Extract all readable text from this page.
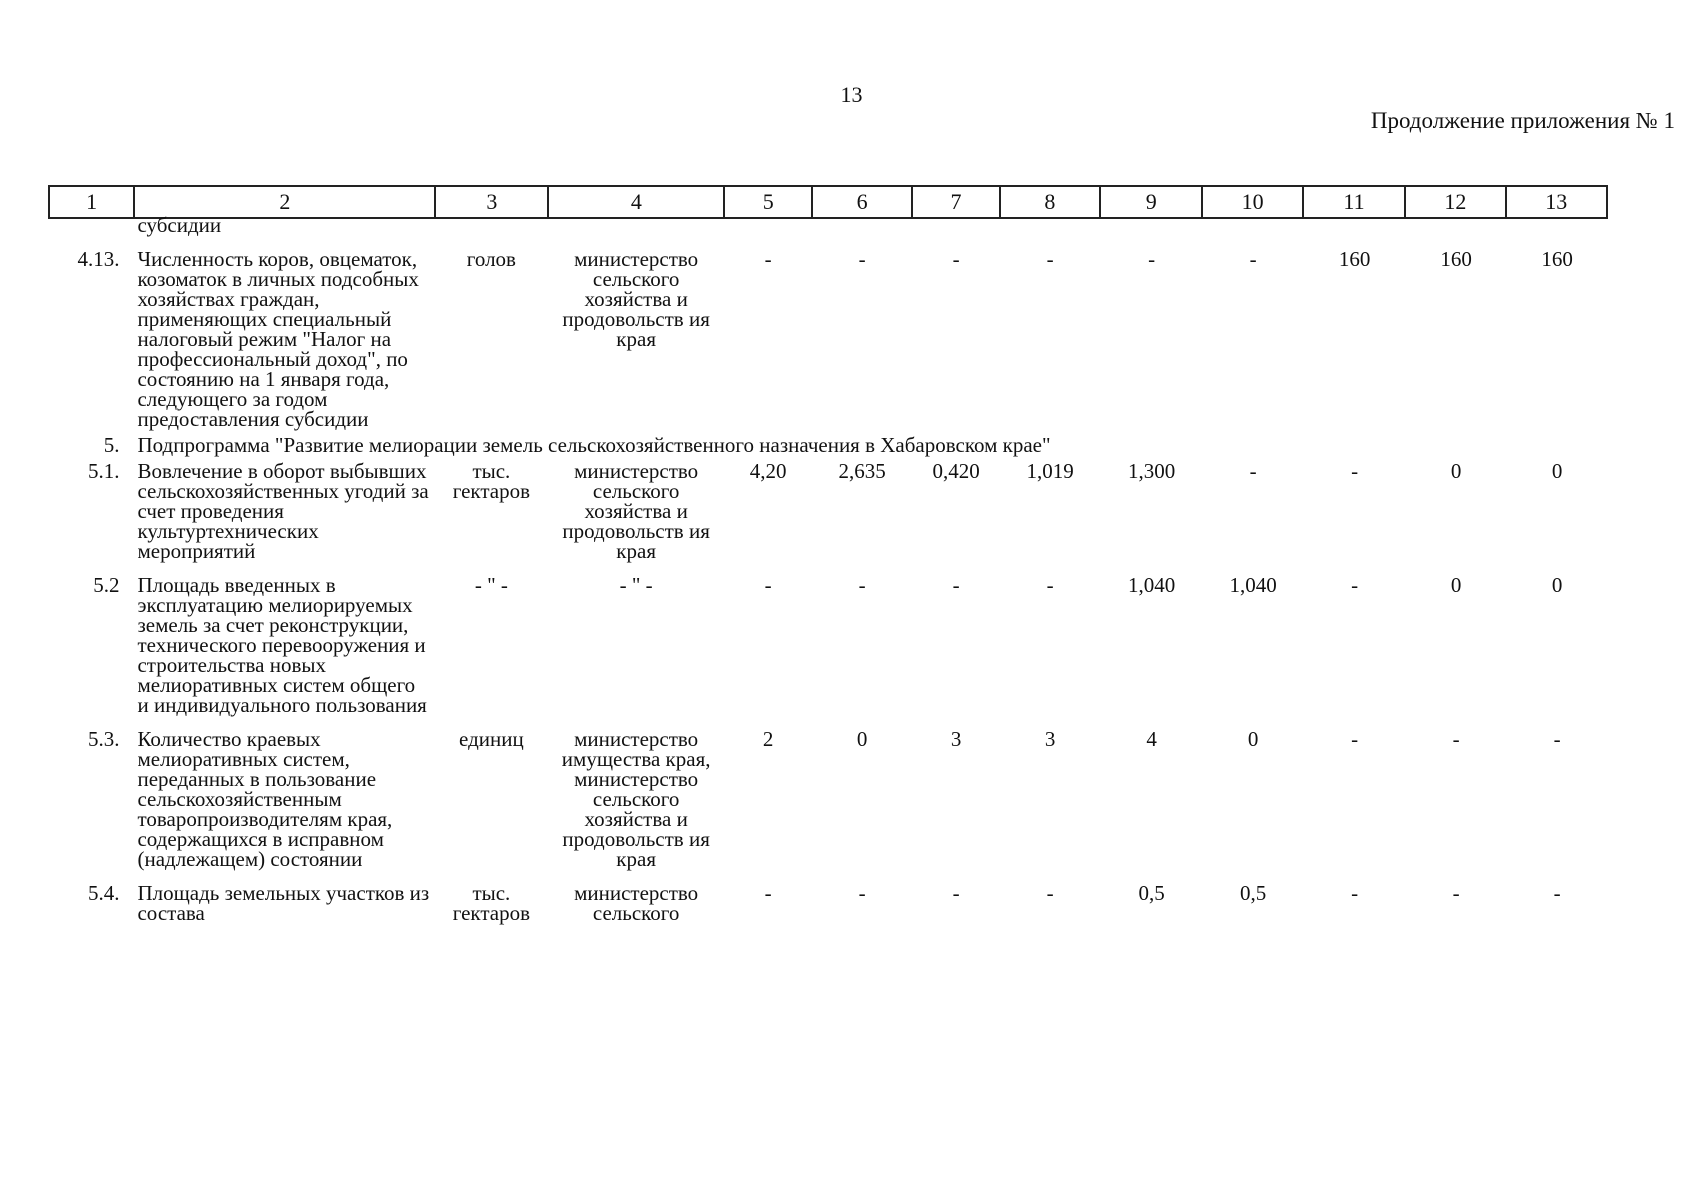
13
Продолжение приложения № 1
1	2	3	4	5	6	7	8	9	10	11	12	13
	субсидии											
4.13.	Численность коров, овцематок, козоматок в личных подсобных хозяйствах граждан, применяющих специальный налоговый режим "Налог на профессиональный доход", по состоянию на 1 января года, следующего за годом предоставления субсидии	голов	министерство сельского хозяйства и продовольств ия края	-	-	-	-	-	-	160	160	160
5.	Подпрограмма "Развитие мелиорации земель сельскохозяйственного назначения в Хабаровском крае"											
5.1.	Вовлечение в оборот выбывших сельскохозяйственных угодий за счет проведения культуртехнических мероприятий	тыс. гектаров	министерство сельского хозяйства и продовольств ия края	4,20	2,635	0,420	1,019	1,300	-	-	0	0
5.2	Площадь введенных в эксплуатацию мелиорируемых земель за счет реконструкции, технического перевооружения и строительства новых мелиоративных систем общего и индивидуального пользования	- " -	- " -	-	-	-	-	1,040	1,040	-	0	0
5.3.	Количество краевых мелиоративных систем, переданных в пользование сельскохозяйственным товаропроизводителям края, содержащихся в исправном (надлежащем) состоянии	единиц	министерство имущества края, министерство сельского хозяйства и продовольств ия края	2	0	3	3	4	0	-	-	-
5.4.	Площадь земельных участков из состава	тыс. гектаров	министерство сельского	-	-	-	-	0,5	0,5	-	-	-
